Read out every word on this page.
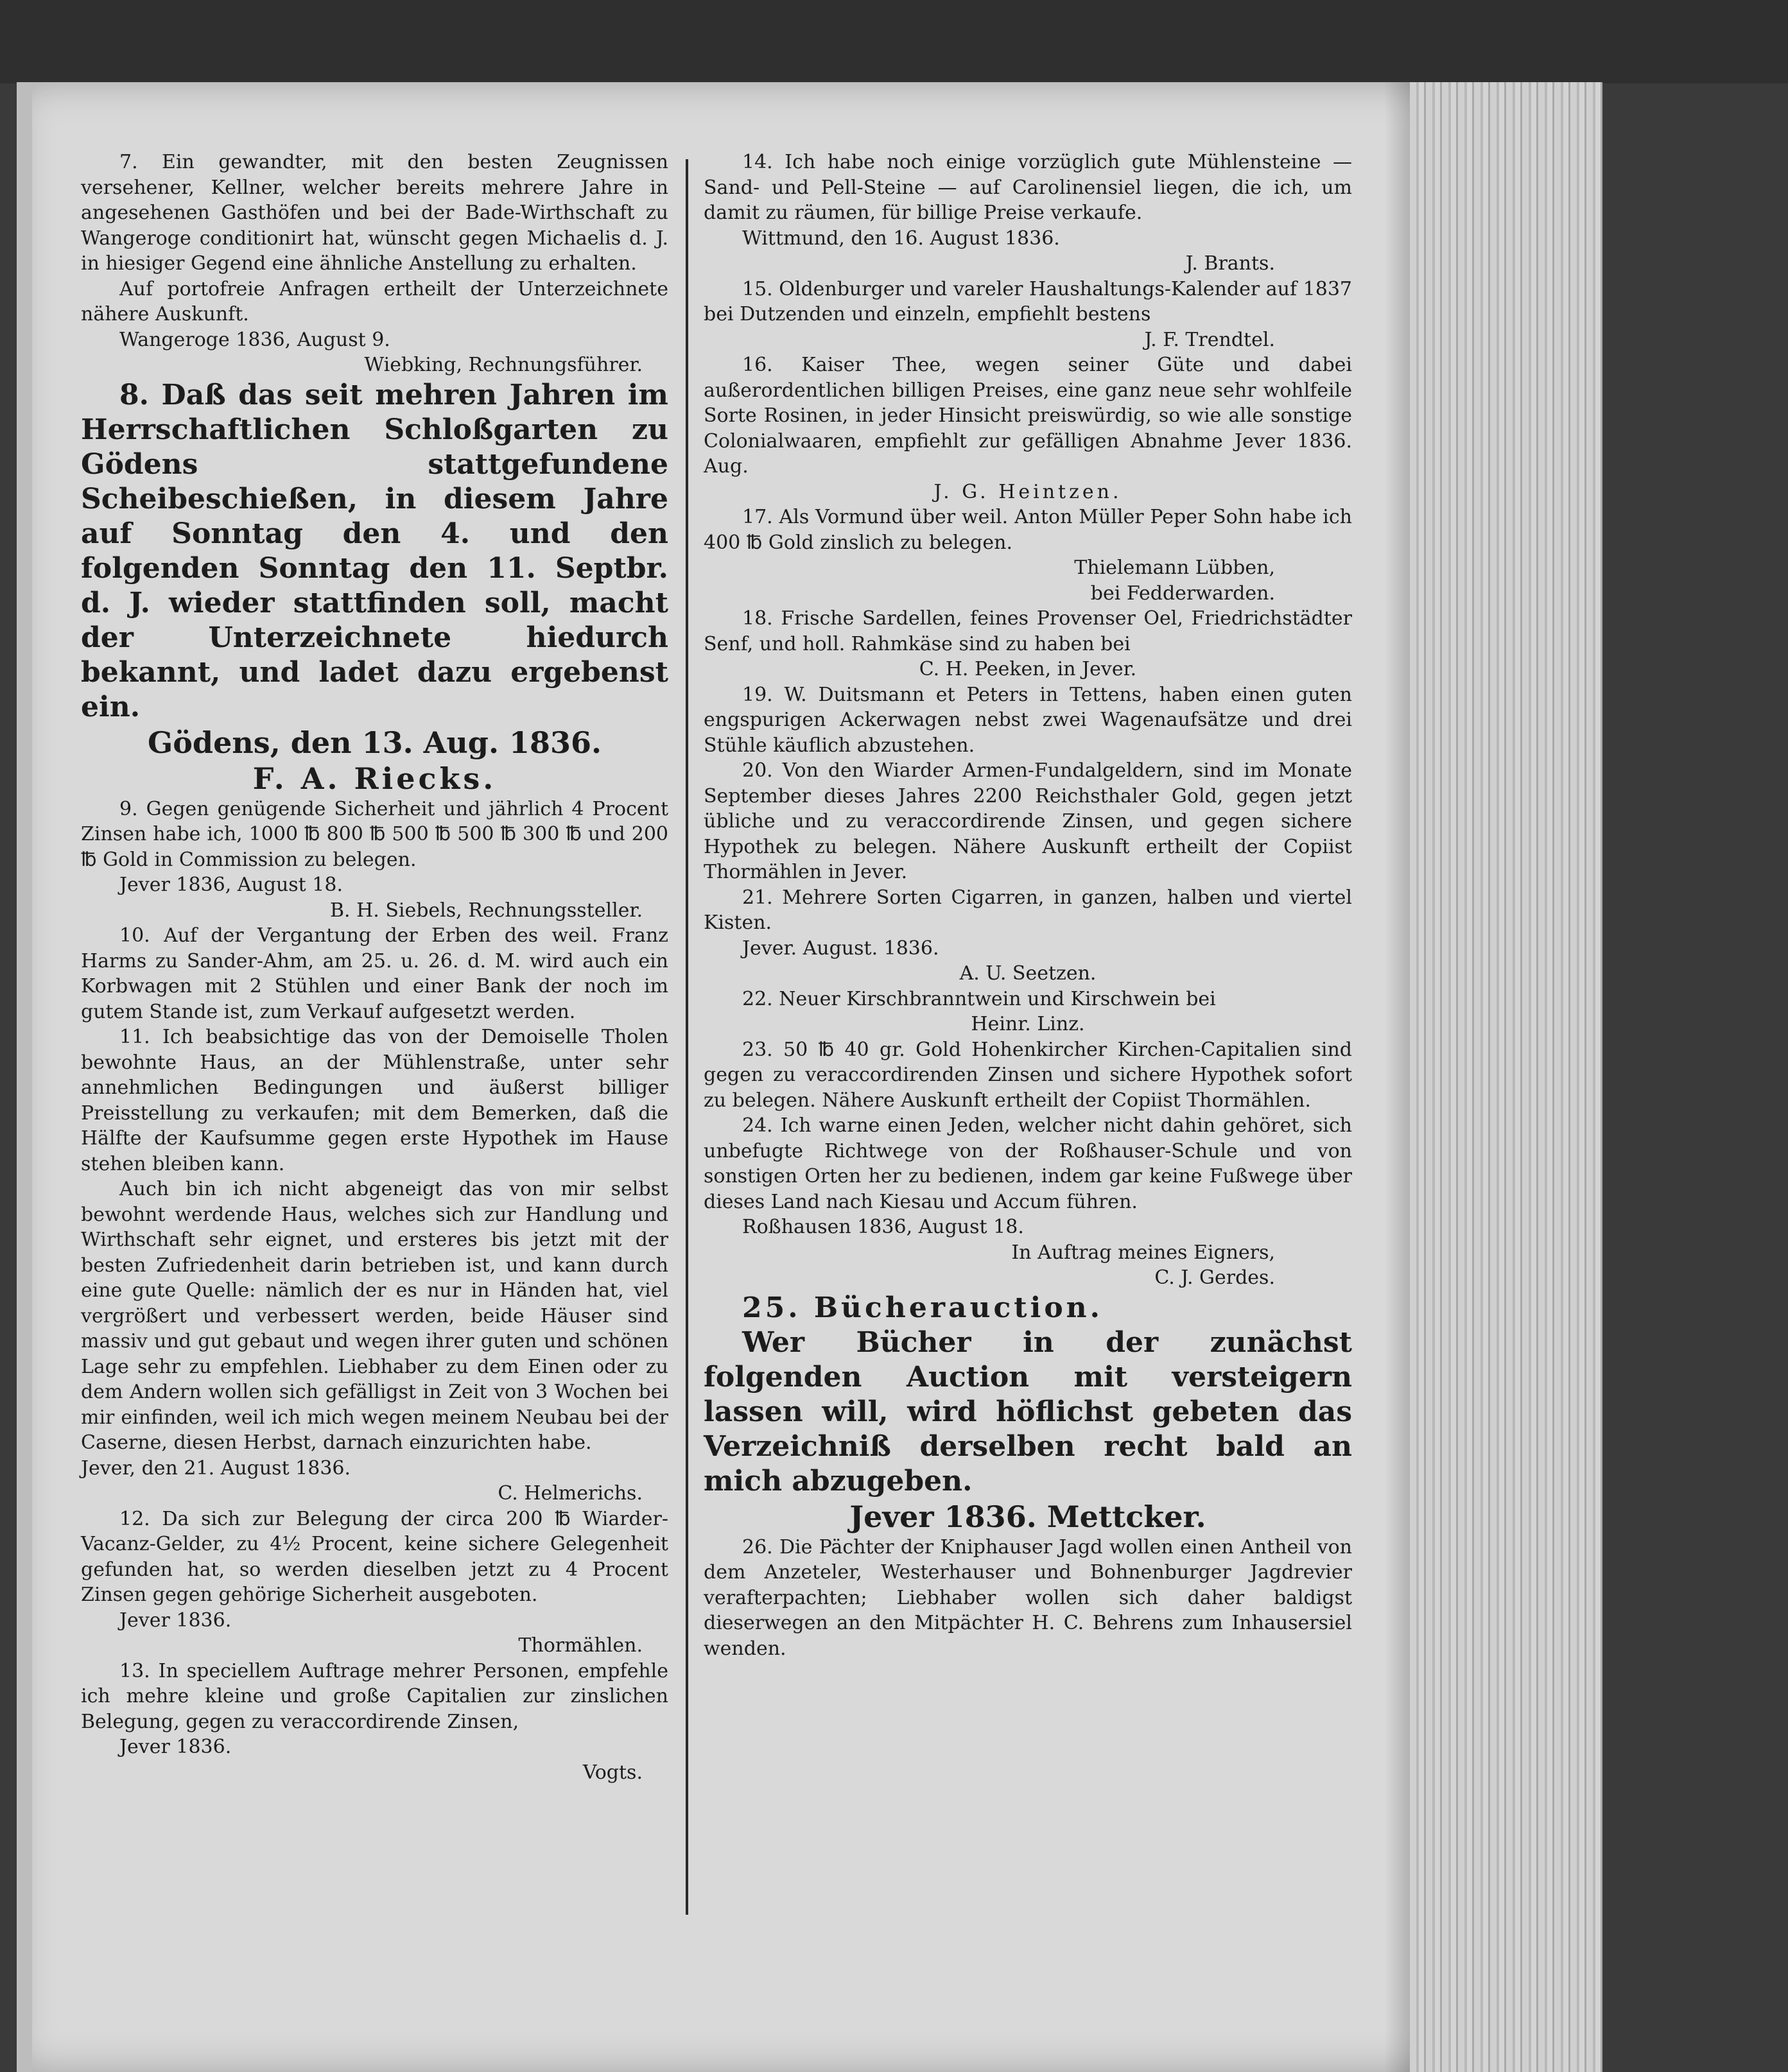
7. Ein gewandter, mit den besten Zeugnissen versehener, Kellner, welcher bereits mehrere Jahre in angesehenen Gasthöfen und bei der Bade-Wirthschaft zu Wangeroge conditionirt hat, wünscht gegen Michaelis d. J. in hiesiger Gegend eine ähnliche Anstellung zu erhalten.

Auf portofreie Anfragen ertheilt der Unterzeichnete nähere Auskunft.

Wangeroge 1836, August 9.

Wiebking, Rechnungsführer.

8. Daß das seit mehren Jahren im Herrschaftlichen Schloßgarten zu Gödens stattgefundene Scheibeschießen, in diesem Jahre auf Sonntag den 4. und den folgenden Sonntag den 11. Septbr. d. J. wieder stattfinden soll, macht der Unterzeichnete hiedurch bekannt, und ladet dazu ergebenst ein.

Gödens, den 13. Aug. 1836.

F. A. Riecks.

9. Gegen genügende Sicherheit und jährlich 4 Procent Zinsen habe ich, 1000 ℔ 800 ℔ 500 ℔ 500 ℔ 300 ℔ und 200 ℔ Gold in Commission zu belegen.

Jever 1836, August 18.

B. H. Siebels, Rechnungssteller.

10. Auf der Vergantung der Erben des weil. Franz Harms zu Sander-Ahm, am 25. u. 26. d. M. wird auch ein Korbwagen mit 2 Stühlen und einer Bank der noch im gutem Stande ist, zum Verkauf aufgesetzt werden.

11. Ich beabsichtige das von der Demoiselle Tholen bewohnte Haus, an der Mühlenstraße, unter sehr annehmlichen Bedingungen und äußerst billiger Preisstellung zu verkaufen; mit dem Bemerken, daß die Hälfte der Kaufsumme gegen erste Hypothek im Hause stehen bleiben kann.

Auch bin ich nicht abgeneigt das von mir selbst bewohnt werdende Haus, welches sich zur Handlung und Wirthschaft sehr eignet, und ersteres bis jetzt mit der besten Zufriedenheit darin betrieben ist, und kann durch eine gute Quelle: nämlich der es nur in Händen hat, viel vergrößert und verbessert werden, beide Häuser sind massiv und gut gebaut und wegen ihrer guten und schönen Lage sehr zu empfehlen. Liebhaber zu dem Einen oder zu dem Andern wollen sich gefälligst in Zeit von 3 Wochen bei mir einfinden, weil ich mich wegen meinem Neubau bei der Caserne, diesen Herbst, darnach einzurichten habe.

Jever, den 21. August 1836.

C. Helmerichs.

12. Da sich zur Belegung der circa 200 ℔ Wiarder-Vacanz-Gelder, zu 4½ Procent, keine sichere Gelegenheit gefunden hat, so werden dieselben jetzt zu 4 Procent Zinsen gegen gehörige Sicherheit ausgeboten.

Jever 1836.

Thormählen.

13. In speciellem Auftrage mehrer Personen, empfehle ich mehre kleine und große Capitalien zur zinslichen Belegung, gegen zu veraccordirende Zinsen,

Jever 1836.

Vogts.

14. Ich habe noch einige vorzüglich gute Mühlensteine — Sand- und Pell-Steine — auf Carolinensiel liegen, die ich, um damit zu räumen, für billige Preise verkaufe.

Wittmund, den 16. August 1836.

J. Brants.

15. Oldenburger und vareler Haushaltungs-Kalender auf 1837 bei Dutzenden und einzeln, empfiehlt bestens

J. F. Trendtel.

16. Kaiser Thee, wegen seiner Güte und dabei außerordentlichen billigen Preises, eine ganz neue sehr wohlfeile Sorte Rosinen, in jeder Hinsicht preiswürdig, so wie alle sonstige Colonialwaaren, empfiehlt zur gefälligen Abnahme Jever 1836. Aug.

J. G. Heintzen.

17. Als Vormund über weil. Anton Müller Peper Sohn habe ich 400 ℔ Gold zinslich zu belegen.

Thielemann Lübben,

bei Fedderwarden.

18. Frische Sardellen, feines Provenser Oel, Friedrichstädter Senf, und holl. Rahmkäse sind zu haben bei

C. H. Peeken, in Jever.

19. W. Duitsmann et Peters in Tettens, haben einen guten engspurigen Ackerwagen nebst zwei Wagenaufsätze und drei Stühle käuflich abzustehen.

20. Von den Wiarder Armen-Fundalgeldern, sind im Monate September dieses Jahres 2200 Reichsthaler Gold, gegen jetzt übliche und zu veraccordirende Zinsen, und gegen sichere Hypothek zu belegen. Nähere Auskunft ertheilt der Copiist Thormählen in Jever.

21. Mehrere Sorten Cigarren, in ganzen, halben und viertel Kisten.

Jever. August. 1836.

A. U. Seetzen.

22. Neuer Kirschbranntwein und Kirschwein bei

Heinr. Linz.

23. 50 ℔ 40 gr. Gold Hohenkircher Kirchen-Capitalien sind gegen zu veraccordirenden Zinsen und sichere Hypothek sofort zu belegen. Nähere Auskunft ertheilt der Copiist Thormählen.

24. Ich warne einen Jeden, welcher nicht dahin gehöret, sich unbefugte Richtwege von der Roßhauser-Schule und von sonstigen Orten her zu bedienen, indem gar keine Fußwege über dieses Land nach Kiesau und Accum führen.

Roßhausen 1836, August 18.

In Auftrag meines Eigners,

C. J. Gerdes.

25. Bücherauction.

Wer Bücher in der zunächst folgenden Auction mit versteigern lassen will, wird höflichst gebeten das Verzeichniß derselben recht bald an mich abzugeben.

Jever 1836. Mettcker.

26. Die Pächter der Kniphauser Jagd wollen einen Antheil von dem Anzeteler, Westerhauser und Bohnenburger Jagdrevier verafterpachten; Liebhaber wollen sich daher baldigst dieserwegen an den Mitpächter H. C. Behrens zum Inhausersiel wenden.
